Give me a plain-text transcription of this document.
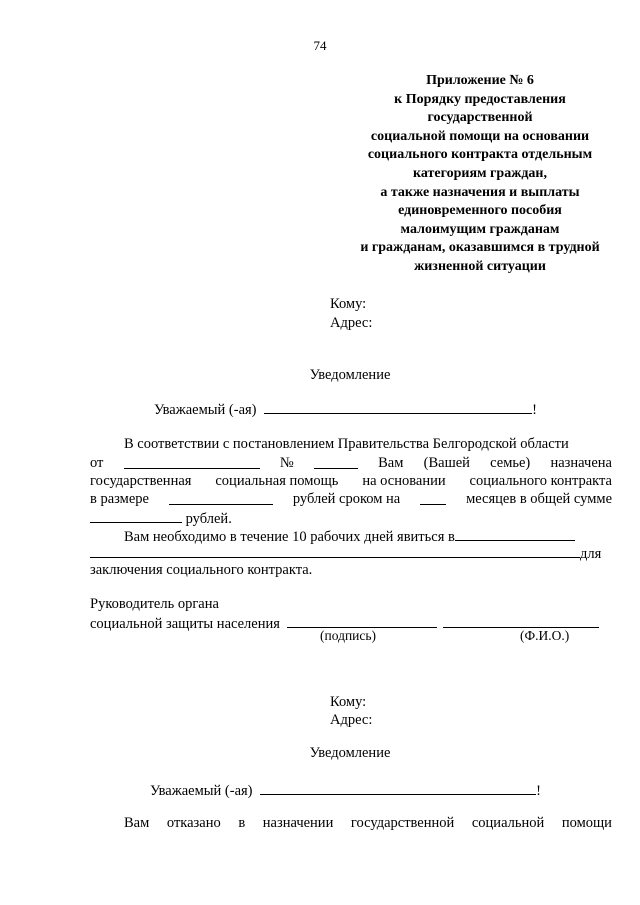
74
Приложение № 6
к Порядку предоставления
государственной
социальной помощи на основании
социального контракта отдельным
категориям граждан,
а также назначения и выплаты
единовременного пособия
малоимущим гражданам
и гражданам, оказавшимся в трудной
жизненной ситуации
Кому:
Адрес:
Уведомление
Уважаемый (-ая)	!
В соответствии с постановлением Правительства Белгородской области
от	№	Вам (Вашей семье) назначена
государственная социальная помощь на основании социального контракта
в размере	рублей сроком на	месяцев в общей сумме
рублей.
Вам необходимо в течение 10 рабочих дней явиться в
для
заключения социального контракта.
Руководитель органа
социальной защиты населения
(подпись)	(Ф.И.О.)
Кому:
Адрес:
Уведомление
Уважаемый (-ая)	!
Вам отказано в назначении государственной социальной помощи
